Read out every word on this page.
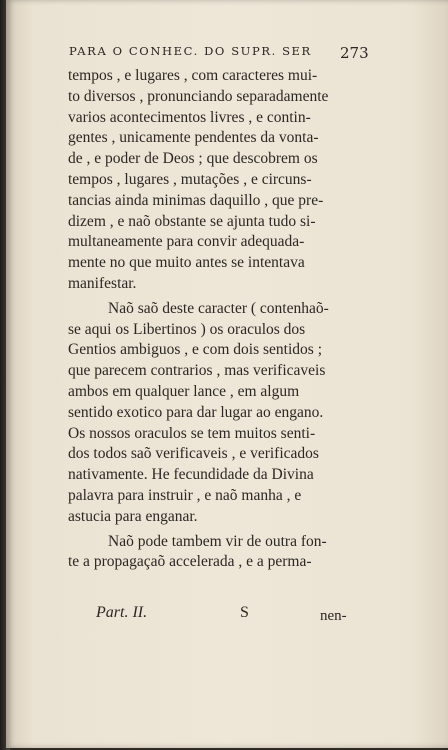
PARA O CONHEC. DO SUPR. SER	273
tempos , e lugares , com caracteres mui-
to diversos , pronunciando separadamente
varios acontecimentos livres , e contin-
gentes , unicamente pendentes da vonta-
de , e poder de Deos ; que descobrem os
tempos , lugares , mutações , e circuns-
tancias ainda minimas daquillo , que pre-
dizem , e naõ obstante se ajunta tudo si-
multaneamente para convir adequada-
mente no que muito antes se intentava
manifestar.
Naõ saõ deste caracter ( contenhaõ-
se aqui os Libertinos ) os oraculos dos
Gentios ambiguos , e com dois sentidos ;
que parecem contrarios , mas verificaveis
ambos em qualquer lance , em algum
sentido exotico para dar lugar ao engano.
Os nossos oraculos se tem muitos senti-
dos todos saõ verificaveis , e verificados
nativamente. He fecundidade da Divina
palavra para instruir , e naõ manha , e
astucia para enganar.
Naõ pode tambem vir de outra fon-
te a propagaçaõ accelerada , e a perma-
Part. II.	S	nen-
